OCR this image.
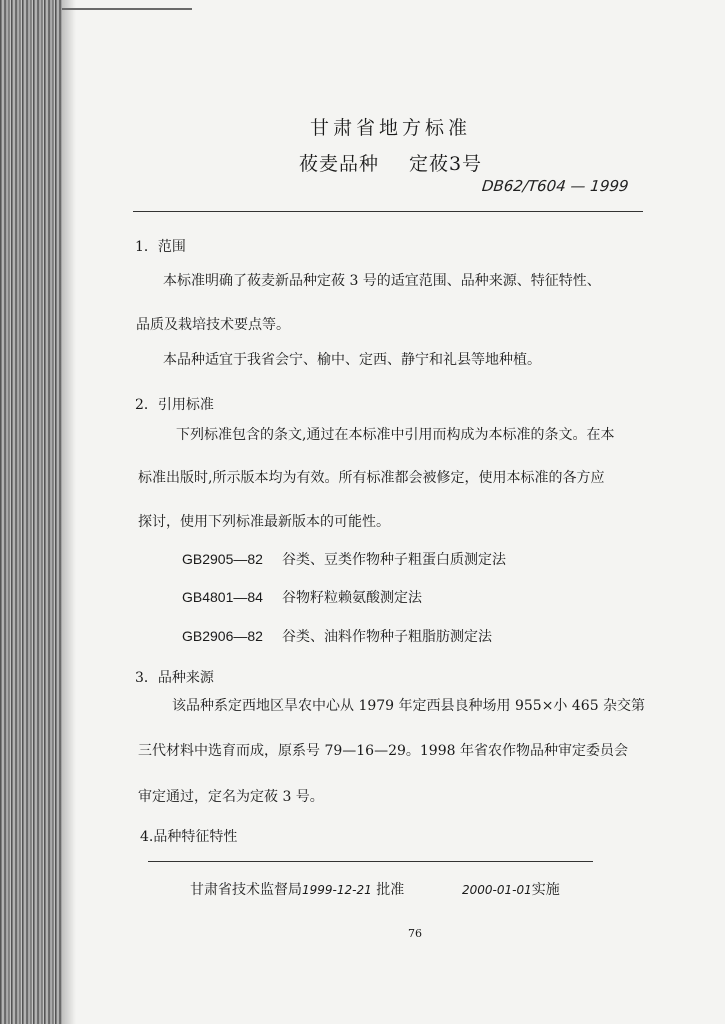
甘肃省地方标准
莜麦品种 定莜3号
DB62/T604 — 1999
1．范围
本标准明确了莜麦新品种定莜 3 号的适宜范围、品种来源、特征特性、
品质及栽培技术要点等。
本品种适宜于我省会宁、榆中、定西、静宁和礼县等地种植。
2．引用标准
下列标准包含的条文,通过在本标准中引用而构成为本标准的条文。在本
标准出版时,所示版本均为有效。所有标准都会被修定，使用本标准的各方应
探讨，使用下列标准最新版本的可能性。
GB2905—82 谷类、豆类作物种子粗蛋白质测定法
GB4801—84 谷物籽粒赖氨酸测定法
GB2906—82 谷类、油料作物种子粗脂肪测定法
3．品种来源
该品种系定西地区旱农中心从 1979 年定西县良种场用 955×小 465 杂交第
三代材料中选育而成，原系号 79—16—29。1998 年省农作物品种审定委员会
审定通过，定名为定莜 3 号。
4.品种特征特性
甘肃省技术监督局1999-12-21 批准	2000-01-01实施
76
